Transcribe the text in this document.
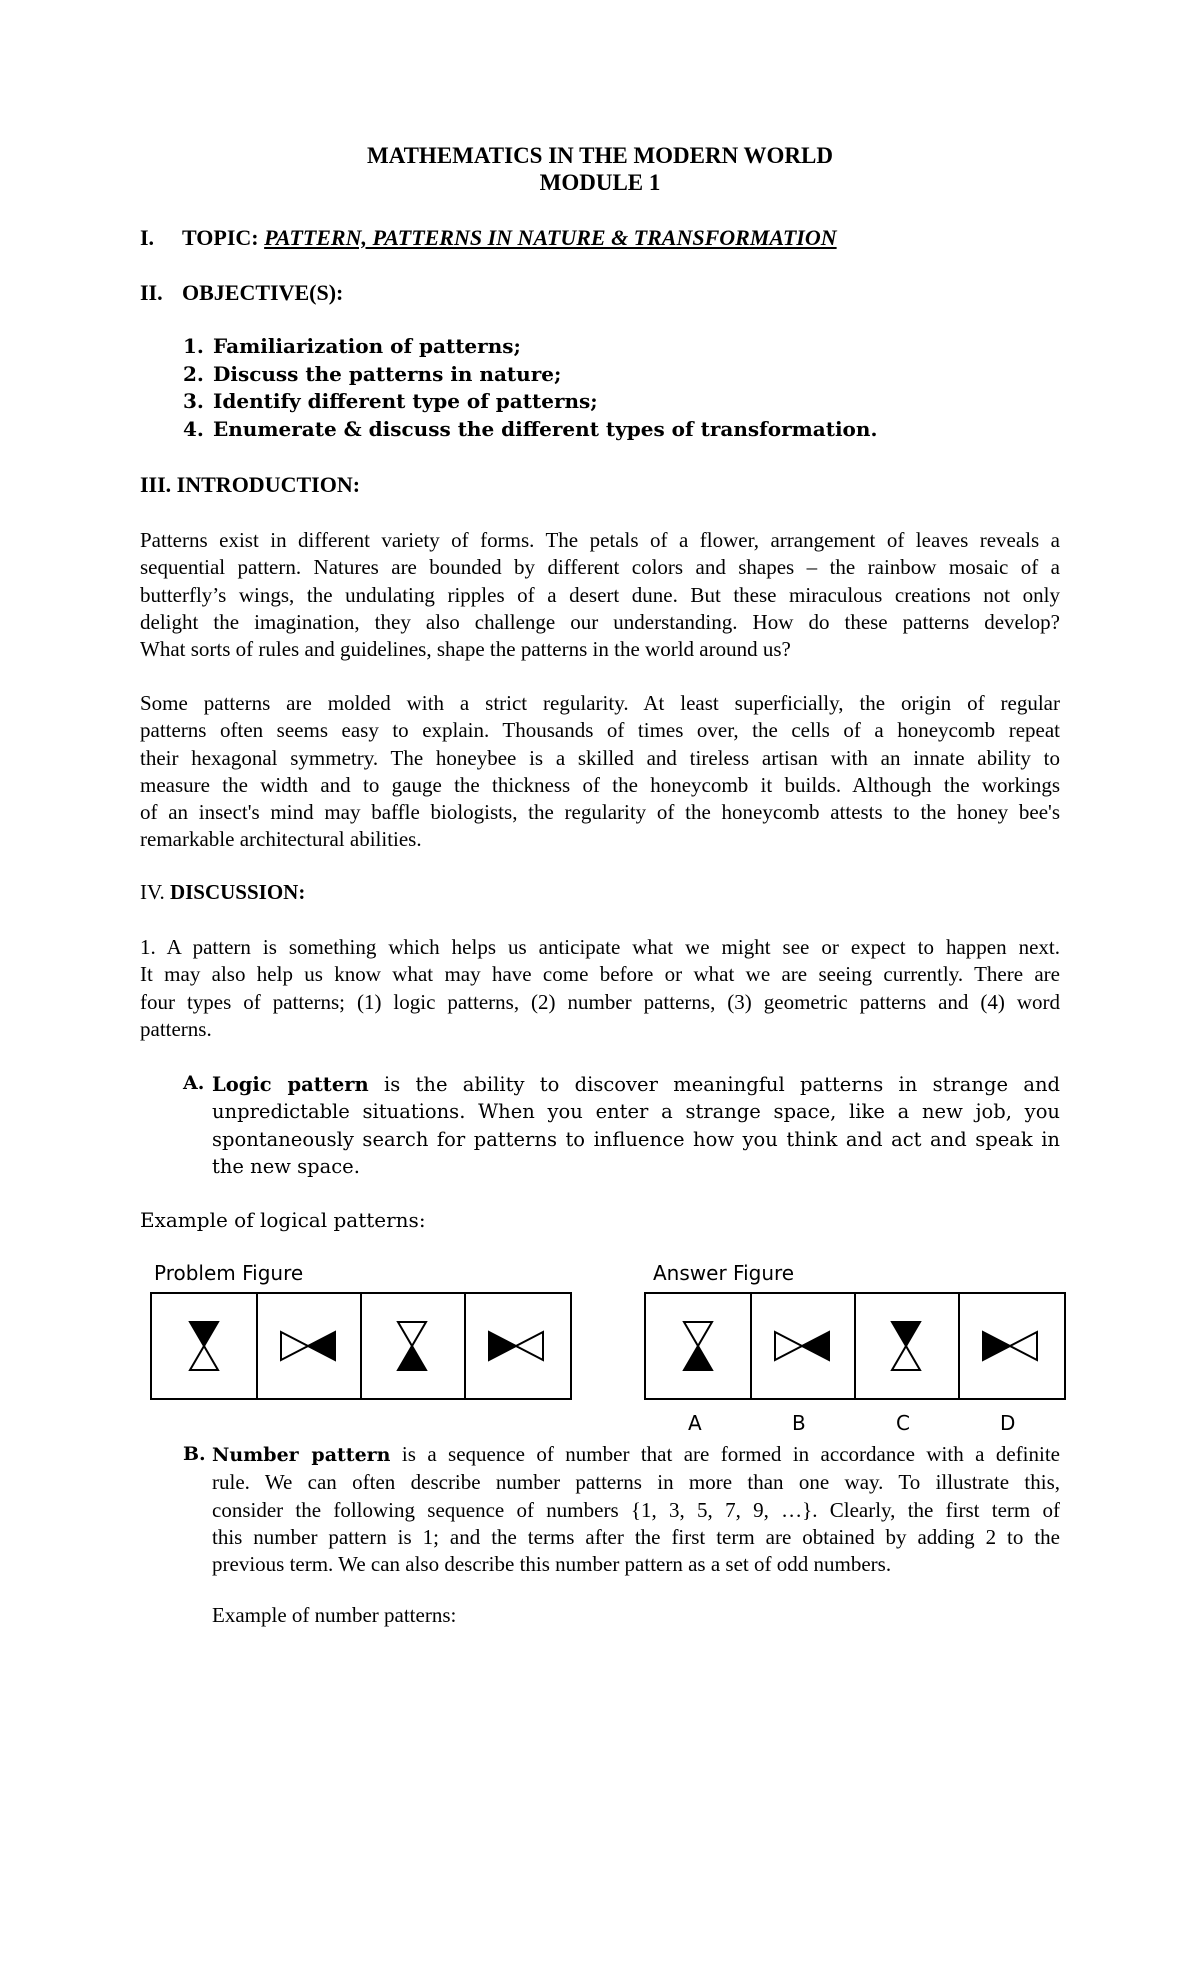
MATHEMATICS IN THE MODERN WORLD
MODULE 1
I. TOPIC: PATTERN, PATTERNS IN NATURE & TRANSFORMATION
II. OBJECTIVE(S):
1. Familiarization of patterns;
2. Discuss the patterns in nature;
3. Identify different type of patterns;
4. Enumerate & discuss the different types of transformation.
III. INTRODUCTION:
Patterns exist in different variety of forms. The petals of a flower, arrangement of leaves reveals a
sequential pattern. Natures are bounded by different colors and shapes – the rainbow mosaic of a
butterfly’s wings, the undulating ripples of a desert dune. But these miraculous creations not only
delight the imagination, they also challenge our understanding. How do these patterns develop?
What sorts of rules and guidelines, shape the patterns in the world around us?
Some patterns are molded with a strict regularity. At least superficially, the origin of regular
patterns often seems easy to explain. Thousands of times over, the cells of a honeycomb repeat
their hexagonal symmetry. The honeybee is a skilled and tireless artisan with an innate ability to
measure the width and to gauge the thickness of the honeycomb it builds. Although the workings
of an insect's mind may baffle biologists, the regularity of the honeycomb attests to the honey bee's
remarkable architectural abilities.
IV. DISCUSSION:
1. A pattern is something which helps us anticipate what we might see or expect to happen next.
It may also help us know what may have come before or what we are seeing currently. There are
four types of patterns; (1) logic patterns, (2) number patterns, (3) geometric patterns and (4) word
patterns.
A. Logic pattern is the ability to discover meaningful patterns in strange and
unpredictable situations. When you enter a strange space, like a new job, you
spontaneously search for patterns to influence how you think and act and speak in
the new space.
Example of logical patterns:
Problem Figure	Answer Figure
A	B	C	D
B. Number pattern is a sequence of number that are formed in accordance with a definite
rule. We can often describe number patterns in more than one way. To illustrate this,
consider the following sequence of numbers {1, 3, 5, 7, 9, …}. Clearly, the first term of
this number pattern is 1; and the terms after the first term are obtained by adding 2 to the
previous term. We can also describe this number pattern as a set of odd numbers.
Example of number patterns:
